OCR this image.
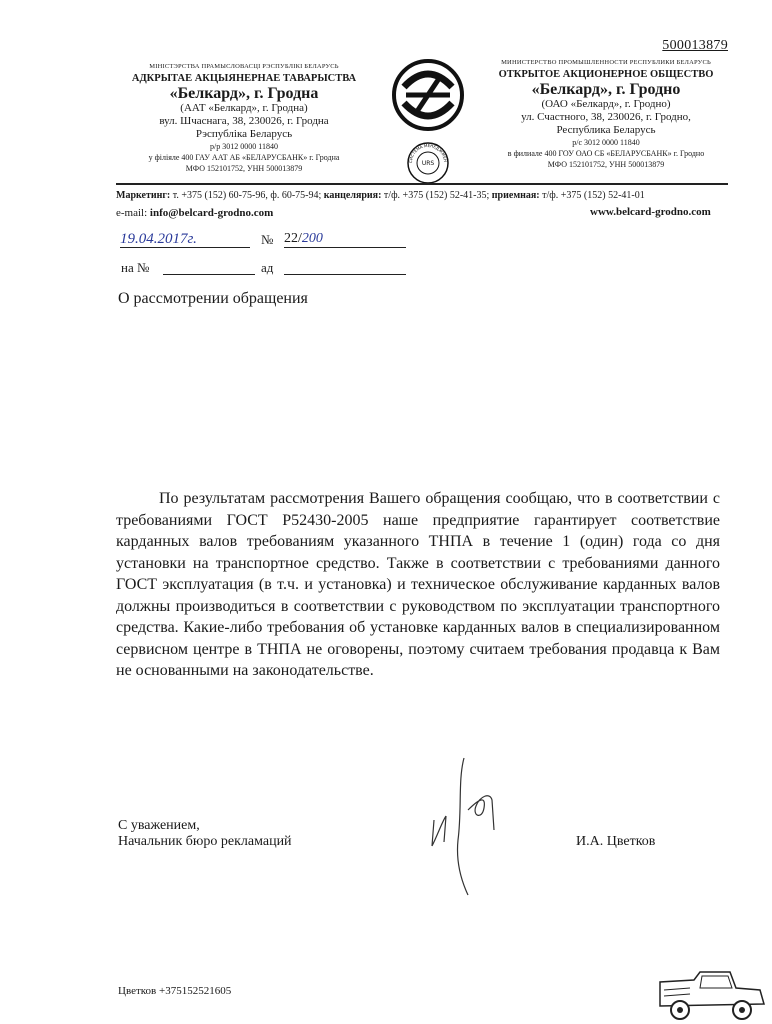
500013879
МІНІСТЭРСТВА ПРАМЫСЛОВАСЦІ РЭСПУБЛІКІ БЕЛАРУСЬ
АДКРЫТАЕ АКЦЫЯНЕРНАЕ ТАВАРЫСТВА
«Белкард», г. Гродна
(ААТ «Белкард», г. Гродна)
вул. Шчаснага, 38, 230026, г. Гродна
Рэспубліка Беларусь
р/р 3012 0000 11840
у філіяле 400 ГАУ ААТ АБ «БЕЛАРУСБАНК» г. Гродна
МФО 152101752, УНН 500013879
СИСТЕМА МЕНЕДЖМЕН
URS
МИНИСТЕРСТВО ПРОМЫШЛЕННОСТИ РЕСПУБЛИКИ БЕЛАРУСЬ
ОТКРЫТОЕ АКЦИОНЕРНОЕ ОБЩЕСТВО
«Белкард», г. Гродно
(ОАО «Белкард», г. Гродно)
ул. Счастного, 38, 230026, г. Гродно,
Республика Беларусь
р/с 3012 0000 11840
в филиале 400 ГОУ ОАО СБ «БЕЛАРУСБАНК» г. Гродно
МФО 152101752, УНН 500013879
Маркетинг: т. +375 (152) 60-75-96, ф. 60-75-94; канцелярия: т/ф. +375 (152) 52-41-35; приемная: т/ф. +375 (152) 52-41-01
e-mail: info@belcard-grodno.com	www.belcard-grodno.com
19.04.2017г.	№ 22/200
на №	ад
О рассмотрении обращения
По результатам рассмотрения Вашего обращения сообщаю, что в соответствии с требованиями ГОСТ Р52430-2005 наше предприятие гарантирует соответствие карданных валов требованиям указанного ТНПА в течение 1 (один) года со дня установки на транспортное средство. Также в соответствии с требованиями данного ГОСТ эксплуатация (в т.ч. и установка) и техническое обслуживание карданных валов должны производиться в соответствии с руководством по эксплуатации транспортного средства. Какие-либо требования об установке карданных валов в специализированном сервисном центре в ТНПА не оговорены, поэтому считаем требования продавца к Вам не основанными на законодательстве.
С уважением,
Начальник бюро рекламаций	И.А. Цветков
Цветков +375152521605
